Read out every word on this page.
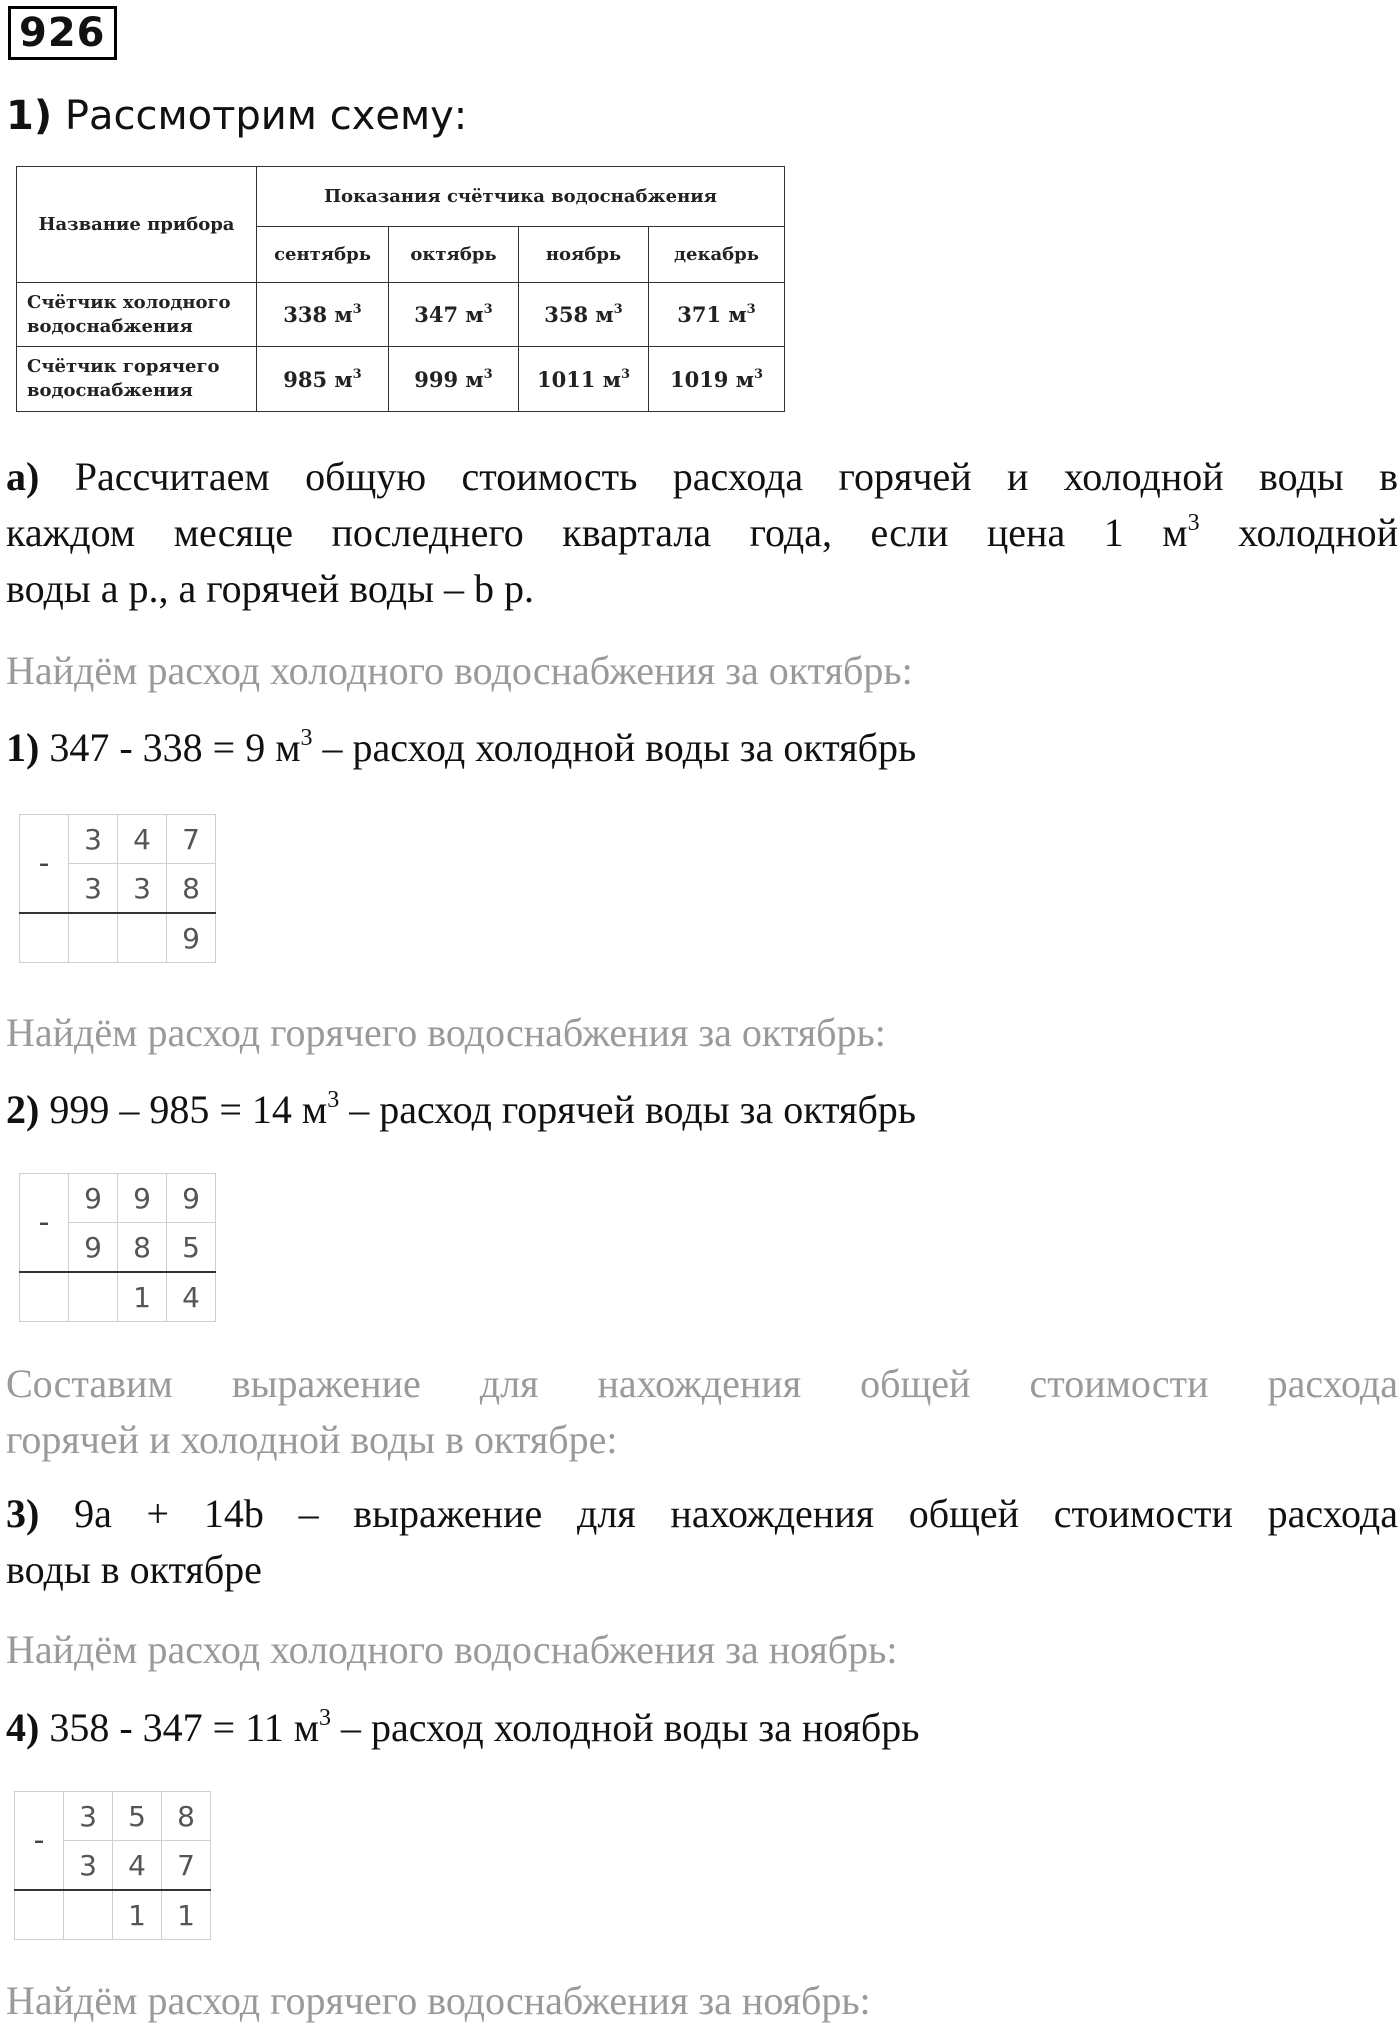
926
1) Рассмотрим схему:
Название прибора	Показания счётчика водоснабжения			
	сентябрь	октябрь	ноябрь	декабрь
Счётчик холодного водоснабжения	338 $м^3$	347 $м^3$	358 $м^3$	371 $м^3$
Счётчик горячего водоснабжения	985 $м^3$	999 $м^3$	1011 $м^3$	1019 $м^3$
а) Рассчитаем общую стоимость расхода горячей и холодной воды в
каждом месяце последнего квартала года, если цена 1 $м^3$ холодной
воды a р., а горячей воды – b р.
Найдём расход холодного водоснабжения за октябрь:
1) 347 - 338 = 9 $м^3$ – расход холодной воды за октябрь
-	3	4	7
	3	3	8
			9
Найдём расход горячего водоснабжения за октябрь:
2) 999 – 985 = 14 $м^3$ – расход горячей воды за октябрь
-	9	9	9
	9	8	5
		1	4
Составим выражение для нахождения общей стоимости расхода
горячей и холодной воды в октябре:
3) 9a + 14b – выражение для нахождения общей стоимости расхода
воды в октябре
Найдём расход холодного водоснабжения за ноябрь:
4) 358 - 347 = 11 $м^3$ – расход холодной воды за ноябрь
-	3	5	8
	3	4	7
		1	1
Найдём расход горячего водоснабжения за ноябрь:
